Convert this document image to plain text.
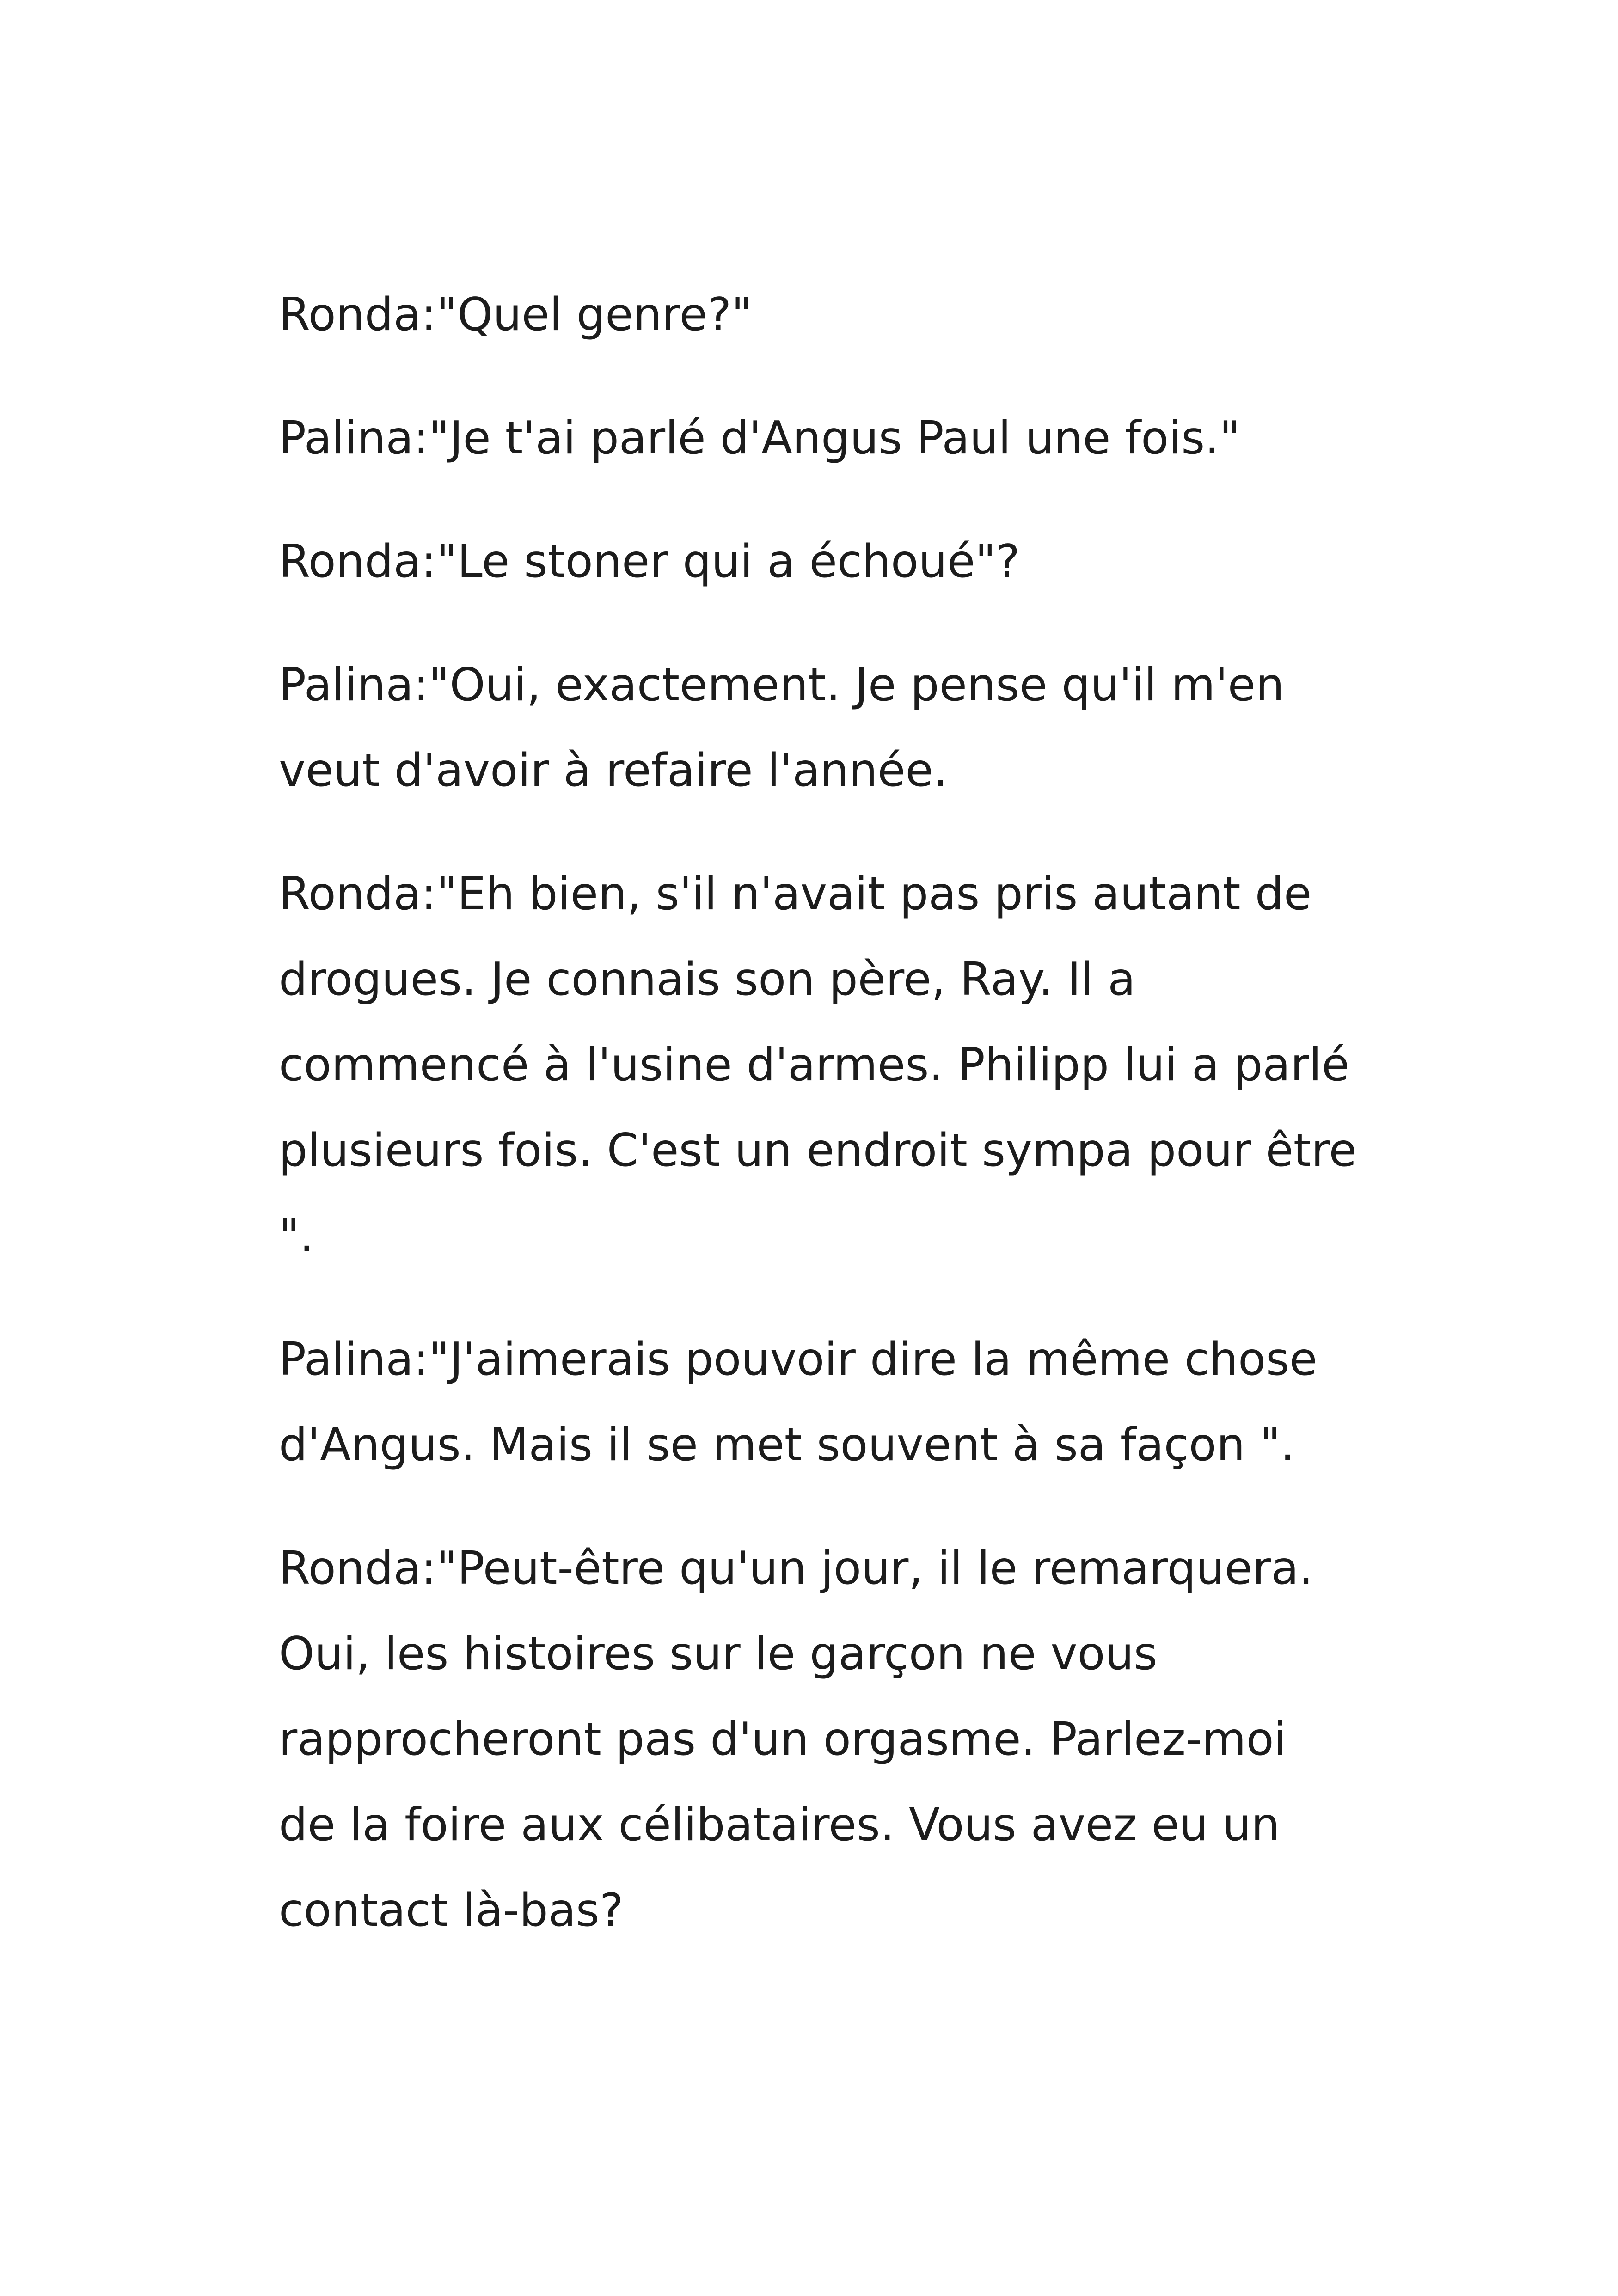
Ronda:"Quel genre?"
Palina:"Je t'ai parlé d'Angus Paul une fois."
Ronda:"Le stoner qui a échoué"?
Palina:"Oui, exactement. Je pense qu'il m'en
veut d'avoir à refaire l'année.
Ronda:"Eh bien, s'il n'avait pas pris autant de
drogues. Je connais son père, Ray. Il a
commencé à l'usine d'armes. Philipp lui a parlé
plusieurs fois. C'est un endroit sympa pour être
".
Palina:"J'aimerais pouvoir dire la même chose
d'Angus. Mais il se met souvent à sa façon ".
Ronda:"Peut-être qu'un jour, il le remarquera.
Oui, les histoires sur le garçon ne vous
rapprocheront pas d'un orgasme. Parlez-moi
de la foire aux célibataires. Vous avez eu un
contact là-bas?
